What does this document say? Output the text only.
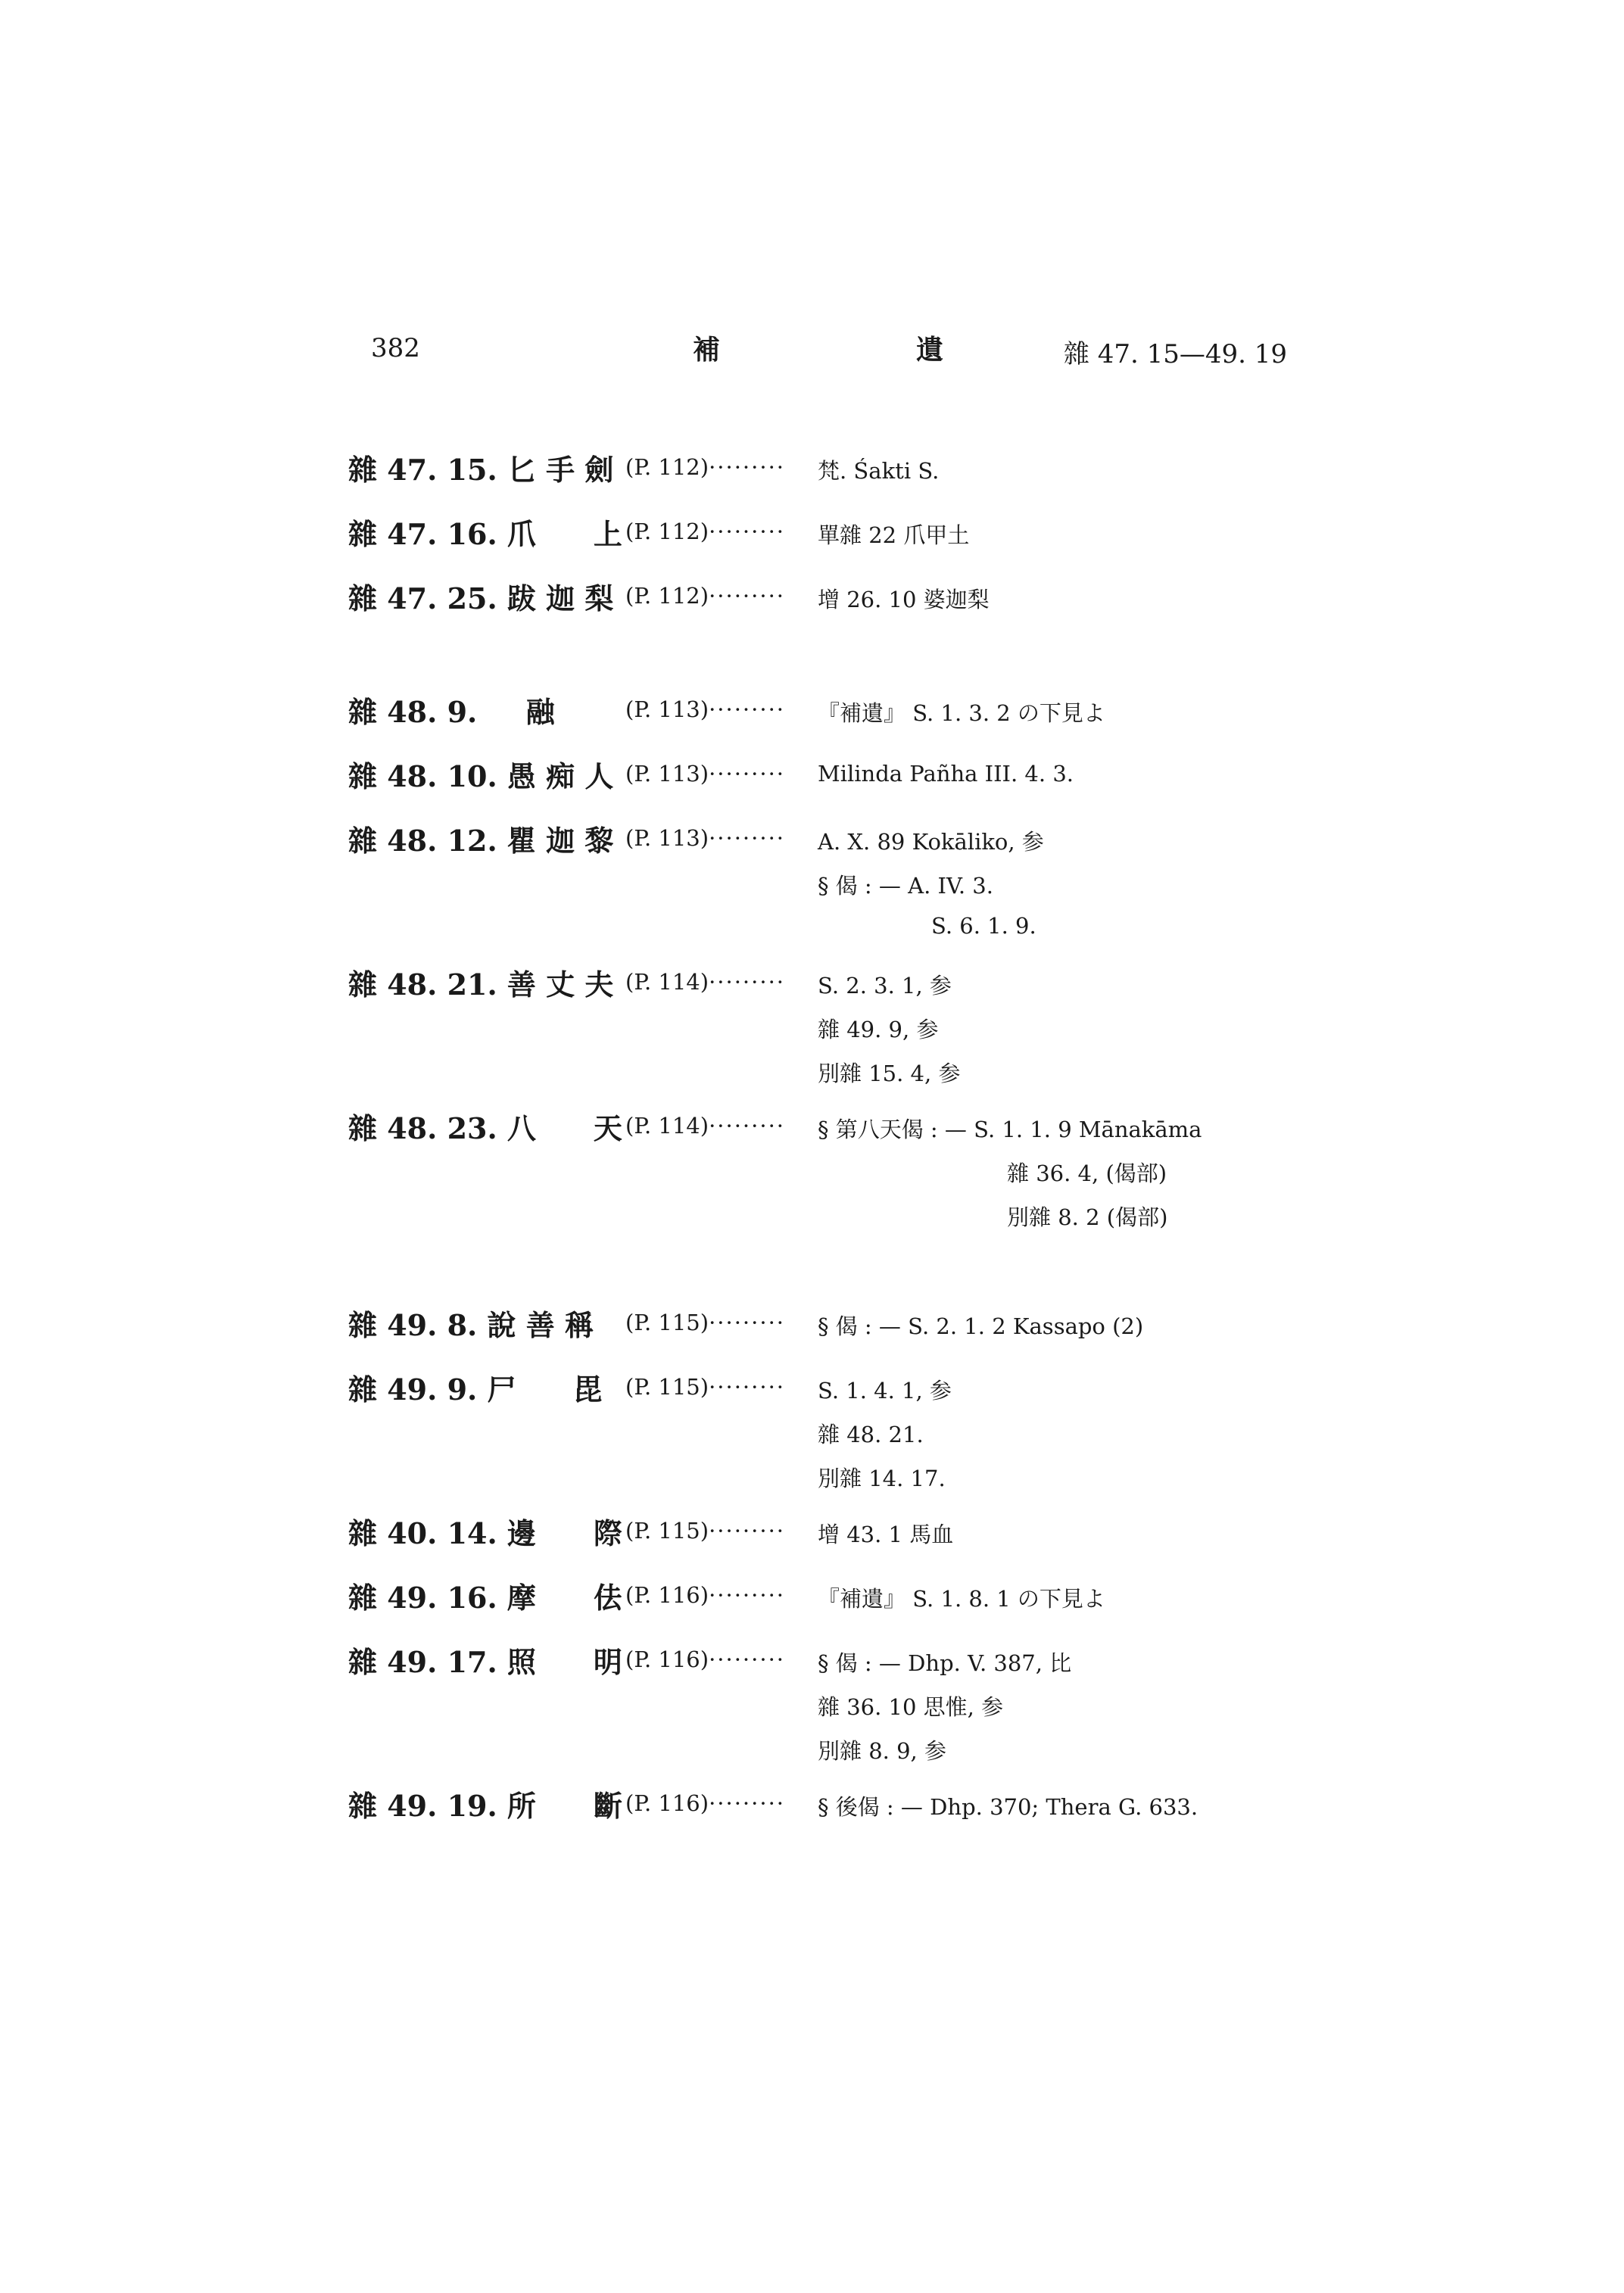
382	補	遺	雜 47. 15—49. 19
雜 47. 15. 匕 手 劍 (P. 112)········· 梵. Śakti S.
雜 47. 16. 爪　　上 (P. 112)········· 單雜 22 爪甲土
雜 47. 25. 跋 迦 梨 (P. 112)········· 增 26. 10 婆迦梨
雜 48. 9. 　 融	(P. 113)········· 『補遺』 S. 1. 3. 2 の下見よ
雜 48. 10. 愚 痴 人 (P. 113)········· Milinda Pañha III. 4. 3.
雜 48. 12. 瞿 迦 黎 (P. 113)········· A. X. 89 Kokāliko, 参
§ 偈 : — A. IV. 3.
S. 6. 1. 9.
雜 48. 21. 善 丈 夫 (P. 114)········· S. 2. 3. 1, 参
雜 49. 9, 参
別雜 15. 4, 参
雜 48. 23. 八　　天 (P. 114)········· § 第八天偈 : — S. 1. 1. 9 Mānakāma
雜 36. 4, (偈部)
別雜 8. 2 (偈部)
雜 49. 8. 說 善 稱 (P. 115)········· § 偈 : — S. 2. 1. 2 Kassapo (2)
雜 49. 9. 尸　　毘 (P. 115)········· S. 1. 4. 1, 参
雜 48. 21.
別雜 14. 17.
雜 40. 14. 邊　　際 (P. 115)········· 增 43. 1 馬血
雜 49. 16. 摩　　佉 (P. 116)········· 『補遺』 S. 1. 8. 1 の下見よ
雜 49. 17. 照　　明 (P. 116)········· § 偈 : — Dhp. V. 387, 比
雜 36. 10 思惟, 参
別雜 8. 9, 参
雜 49. 19. 所　　斷 (P. 116)········· § 後偈 : — Dhp. 370; Thera G. 633.
